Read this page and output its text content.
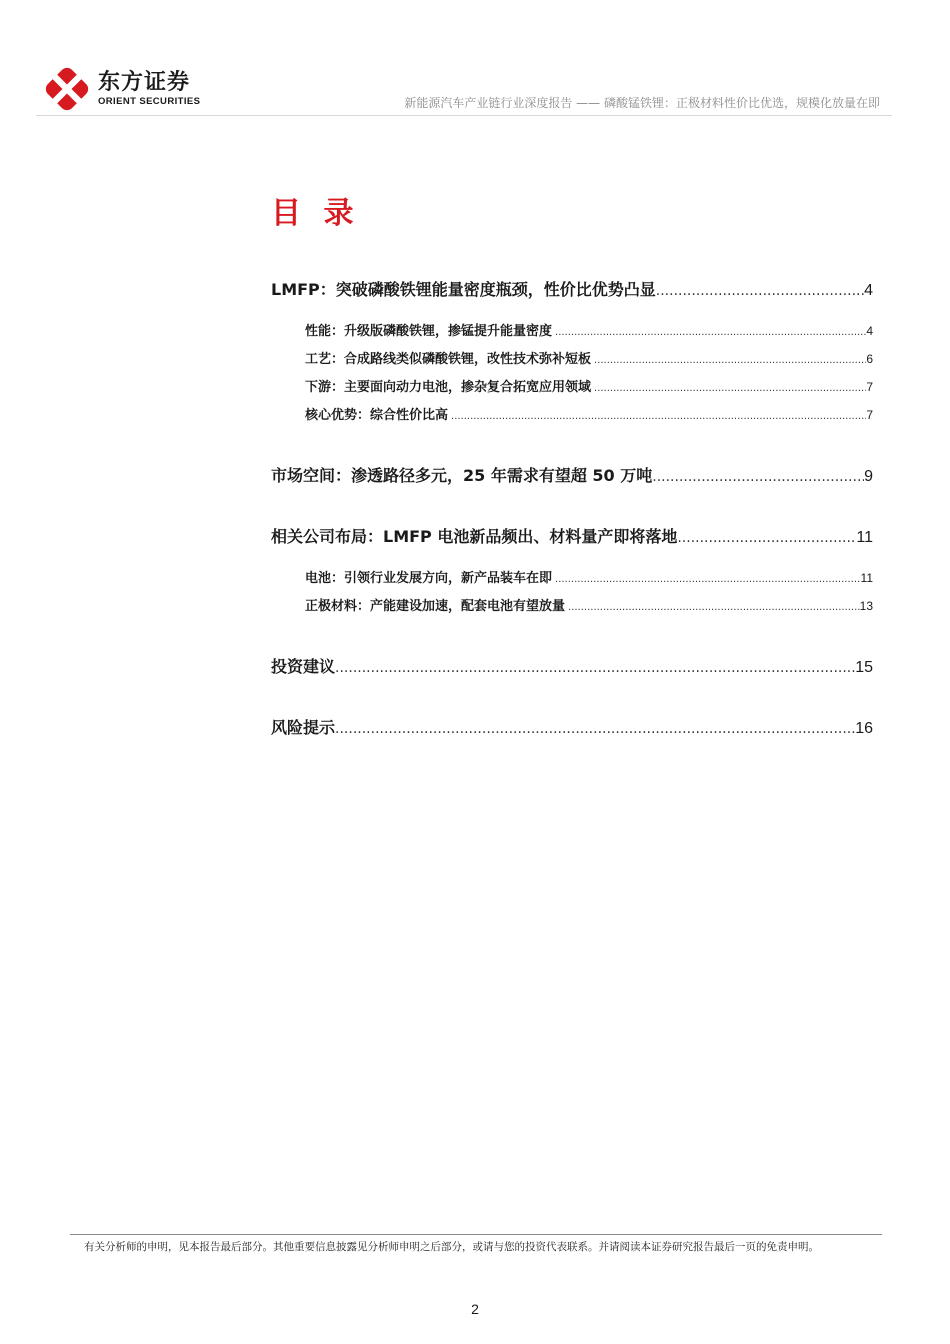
东方证券
ORIENT SECURITIES	新能源汽车产业链行业深度报告 —— 磷酸锰铁锂：正极材料性价比优选，规模化放量在即
目 录
LMFP：突破磷酸铁锂能量密度瓶颈，性价比优势凸显 .....	4
性能：升级版磷酸铁锂，掺锰提升能量密度 .....	4
工艺：合成路线类似磷酸铁锂，改性技术弥补短板 .....	6
下游：主要面向动力电池，掺杂复合拓宽应用领域 .....	7
核心优势：综合性价比高 .....	7
市场空间：渗透路径多元，25 年需求有望超 50 万吨 .....	9
相关公司布局：LMFP 电池新品频出、材料量产即将落地 .....	11
电池：引领行业发展方向，新产品装车在即 .....	11
正极材料：产能建设加速，配套电池有望放量 .....	13
投资建议 .....	15
风险提示 .....	16
有关分析师的申明，见本报告最后部分。其他重要信息披露见分析师申明之后部分，或请与您的投资代表联系。并请阅读本证券研究报告最后一页的免责申明。
2
